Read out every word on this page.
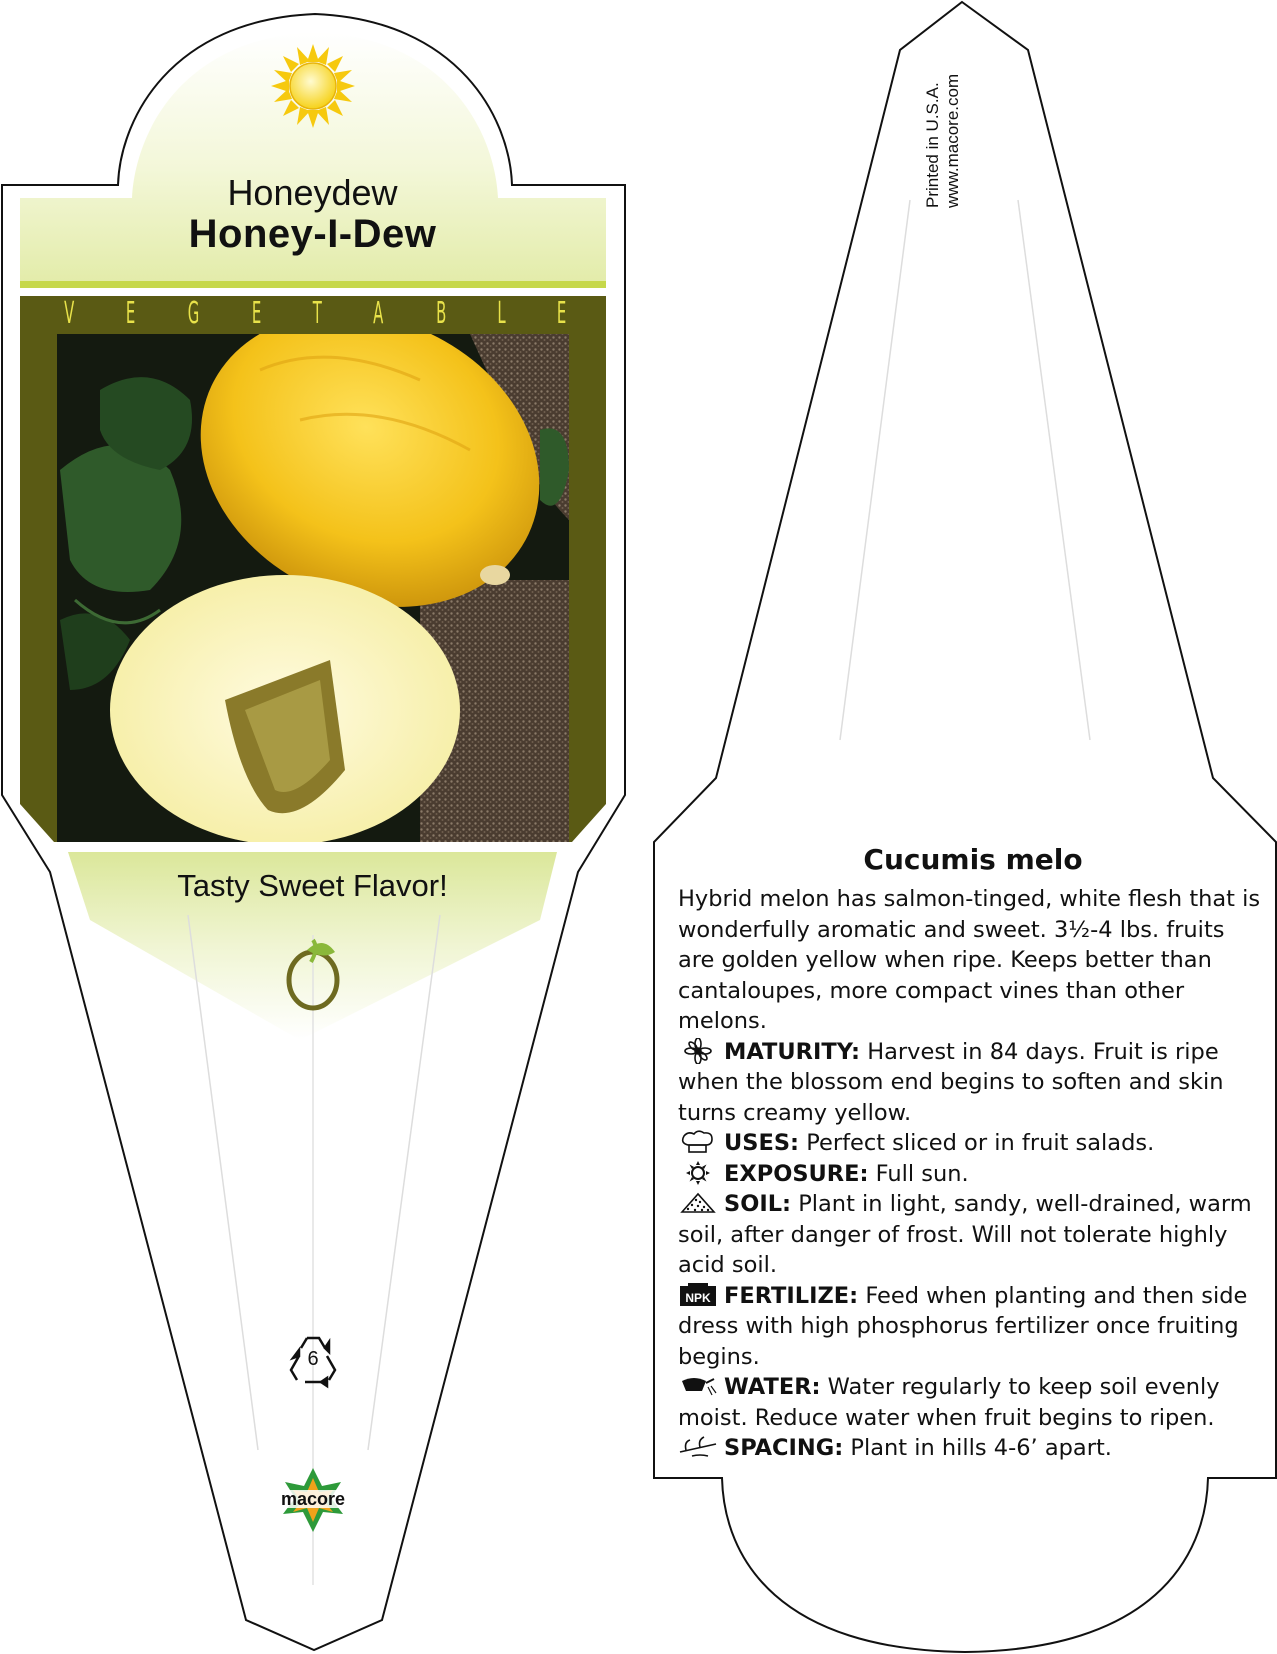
macore
Honeydew
Honey-I-Dew
V E G E T A B L E
Tasty Sweet Flavor!
6
Printed in U.S.A. www.macore.com
Cucumis melo

Hybrid melon has salmon-tinged, white flesh that is wonderfully aromatic and sweet. 3½-4 lbs. fruits are golden yellow when ripe. Keeps better than cantaloupes, more compact vines than other melons.

MATURITY: Harvest in 84 days. Fruit is ripe when the blossom end begins to soften and skin turns creamy yellow.

USES: Perfect sliced or in fruit salads.

EXPOSURE: Full sun.

SOIL: Plant in light, sandy, well-drained, warm soil, after danger of frost. Will not tolerate highly acid soil.

NPK FERTILIZE: Feed when planting and then side dress with high phosphorus fertilizer once fruiting begins.

WATER: Water regularly to keep soil evenly moist. Reduce water when fruit begins to ripen.

SPACING: Plant in hills 4-6’ apart.
